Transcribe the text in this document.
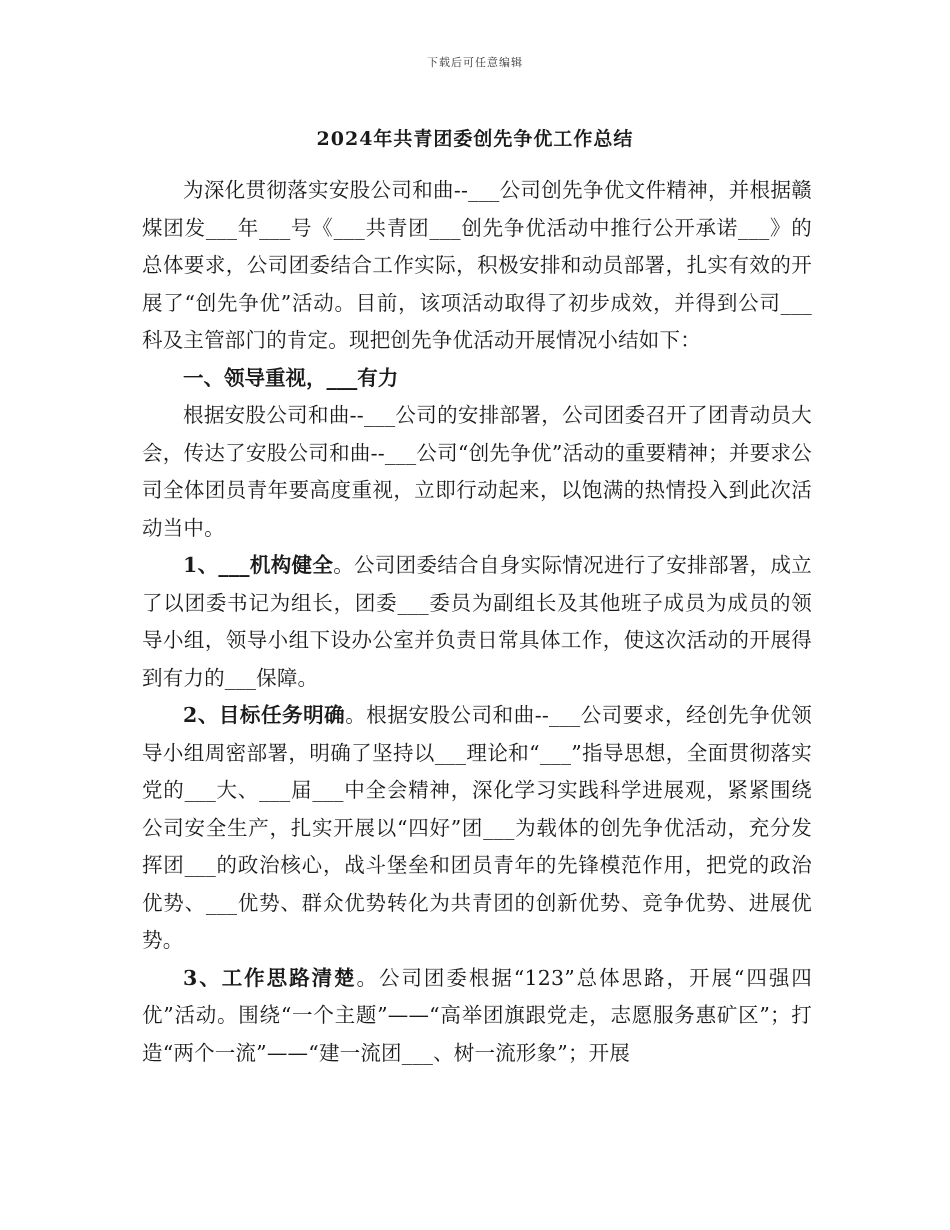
下载后可任意编辑
2024年共青团委创先争优工作总结

为深化贯彻落实安股公司和曲--___公司创先争优文件精神，并根据赣煤团发___年___号《___共青团___创先争优活动中推行公开承诺___》的总体要求，公司团委结合工作实际，积极安排和动员部署，扎实有效的开展了“创先争优”活动。目前，该项活动取得了初步成效，并得到公司___科及主管部门的肯定。现把创先争优活动开展情况小结如下：

一、领导重视，___有力

根据安股公司和曲--___公司的安排部署，公司团委召开了团青动员大会，传达了安股公司和曲--___公司“创先争优”活动的重要精神；并要求公司全体团员青年要高度重视，立即行动起来，以饱满的热情投入到此次活动当中。

1、___机构健全。公司团委结合自身实际情况进行了安排部署，成立了以团委书记为组长，团委___委员为副组长及其他班子成员为成员的领导小组，领导小组下设办公室并负责日常具体工作，使这次活动的开展得到有力的___保障。

2、目标任务明确。根据安股公司和曲--___公司要求，经创先争优领导小组周密部署，明确了坚持以___理论和“___”指导思想，全面贯彻落实党的___大、___届___中全会精神，深化学习实践科学进展观，紧紧围绕公司安全生产，扎实开展以“四好”团___为载体的创先争优活动，充分发挥团___的政治核心，战斗堡垒和团员青年的先锋模范作用，把党的政治优势、___优势、群众优势转化为共青团的创新优势、竞争优势、进展优势。

3、工作思路清楚。公司团委根据“123”总体思路，开展“四强四优”活动。围绕“一个主题”——“高举团旗跟党走，志愿服务惠矿区”；打造“两个一流”——“建一流团___、树一流形象”；开展
